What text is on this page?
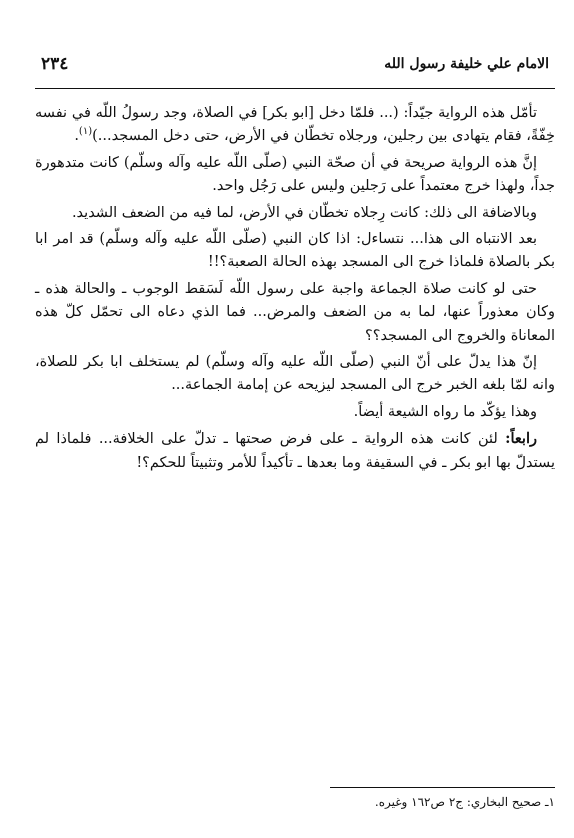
٢٣٤	الامام علي خليفة رسول الله

تأمّل هذه الرواية جيّداً: (... فلمّا دخل [ابو بكر] في الصلاة، وجد رسولُ اللّه في نفسه خِفّةً، فقام يتهادى بين رجلين، ورجلاه تخطّان في الأرض، حتى دخل المسجد...)$^{(١)}$.

إنَّ هذه الرواية صريحة في أن صحّة النبي (صلّى اللّه عليه وآله وسلّم) كانت متدهورة جداً، ولهذا خرج معتمداً على رَجلين وليس على رَجُل واحد.

وبالاضافة الى ذلك: كانت رِجلاه تخطّان في الأرض، لما فيه من الضعف الشديد.

بعد الانتباه الى هذا... نتساءل: اذا كان النبي (صلّى اللّه عليه وآله وسلّم) قد امر ابا بكر بالصلاة فلماذا خرج الى المسجد بهذه الحالة الصعبة؟!!

حتى لو كانت صلاة الجماعة واجبة على رسول اللّه لَسَقط الوجوب ـ والحالة هذه ـ وكان معذوراً عنها، لما به من الضعف والمرض... فما الذي دعاه الى تحمّل كلّ هذه المعاناة والخروج الى المسجد؟؟

إنّ هذا يدلّ على أنّ النبي (صلّى اللّه عليه وآله وسلّم) لم يستخلف ابا بكر للصلاة، وانه لمّا بلغه الخبر خرج الى المسجد ليزيحه عن إمامة الجماعة...

وهذا يؤكّد ما رواه الشيعة أيضاً.

رابعاً: لئن كانت هذه الرواية ـ على فرض صحتها ـ تدلّ على الخلافة... فلماذا لم يستدلّ بها ابو بكر ـ في السقيفة وما بعدها ـ تأكيداً للأمر وتثبيتاً للحكم؟!

١ـ صحيح البخاري: ج٢ ص١٦٢ وغيره.
